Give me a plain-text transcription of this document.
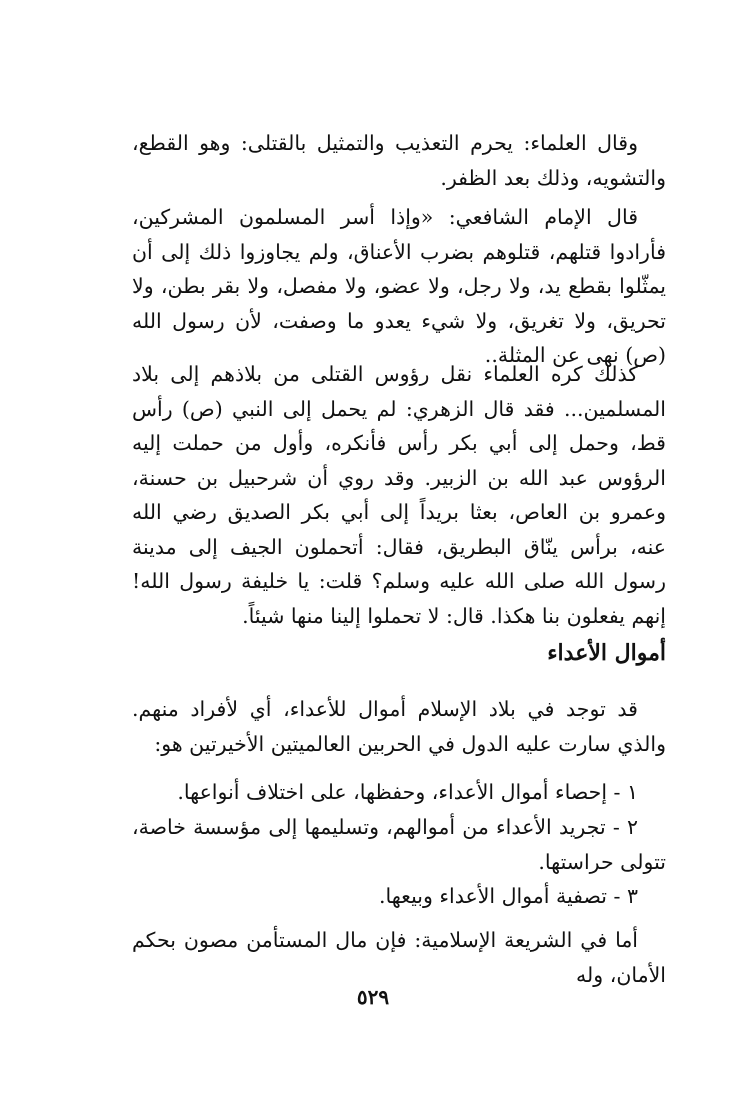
وقال العلماء: يحرم التعذيب والتمثيل بالقتلى: وهو القطع، والتشويه، وذلك بعد الظفر.

قال الإمام الشافعي: «وإذا أسر المسلمون المشركين، فأرادوا قتلهم، قتلوهم بضرب الأعناق، ولم يجاوزوا ذلك إلى أن يمثّلوا بقطع يد، ولا رجل، ولا عضو، ولا مفصل، ولا بقر بطن، ولا تحريق، ولا تغريق، ولا شيء يعدو ما وصفت، لأن رسول الله (ص) نهى عن المثلة..

كذلك كره العلماء نقل رؤوس القتلى من بلاذهم إلى بلاد المسلمين... فقد قال الزهري: لم يحمل إلى النبي (ص) رأس قط، وحمل إلى أبي بكر رأس فأنكره، وأول من حملت إليه الرؤوس عبد الله بن الزبير. وقد روي أن شرحبيل بن حسنة، وعمرو بن العاص، بعثا بريداً إلى أبي بكر الصديق رضي الله عنه، برأس ينّاق البطريق، فقال: أتحملون الجيف إلى مدينة رسول الله صلى الله عليه وسلم؟ قلت: يا خليفة رسول الله! إنهم يفعلون بنا هكذا. قال: لا تحملوا إلينا منها شيئاً.

أموال الأعداء

قد توجد في بلاد الإسلام أموال للأعداء، أي لأفراد منهم. والذي سارت عليه الدول في الحربين العالميتين الأخيرتين هو:

١ - إحصاء أموال الأعداء، وحفظها، على اختلاف أنواعها.

٢ - تجريد الأعداء من أموالهم، وتسليمها إلى مؤسسة خاصة، تتولى حراستها.

٣ - تصفية أموال الأعداء وبيعها.

أما في الشريعة الإسلامية: فإن مال المستأمن مصون بحكم الأمان، وله

٥٢٩
